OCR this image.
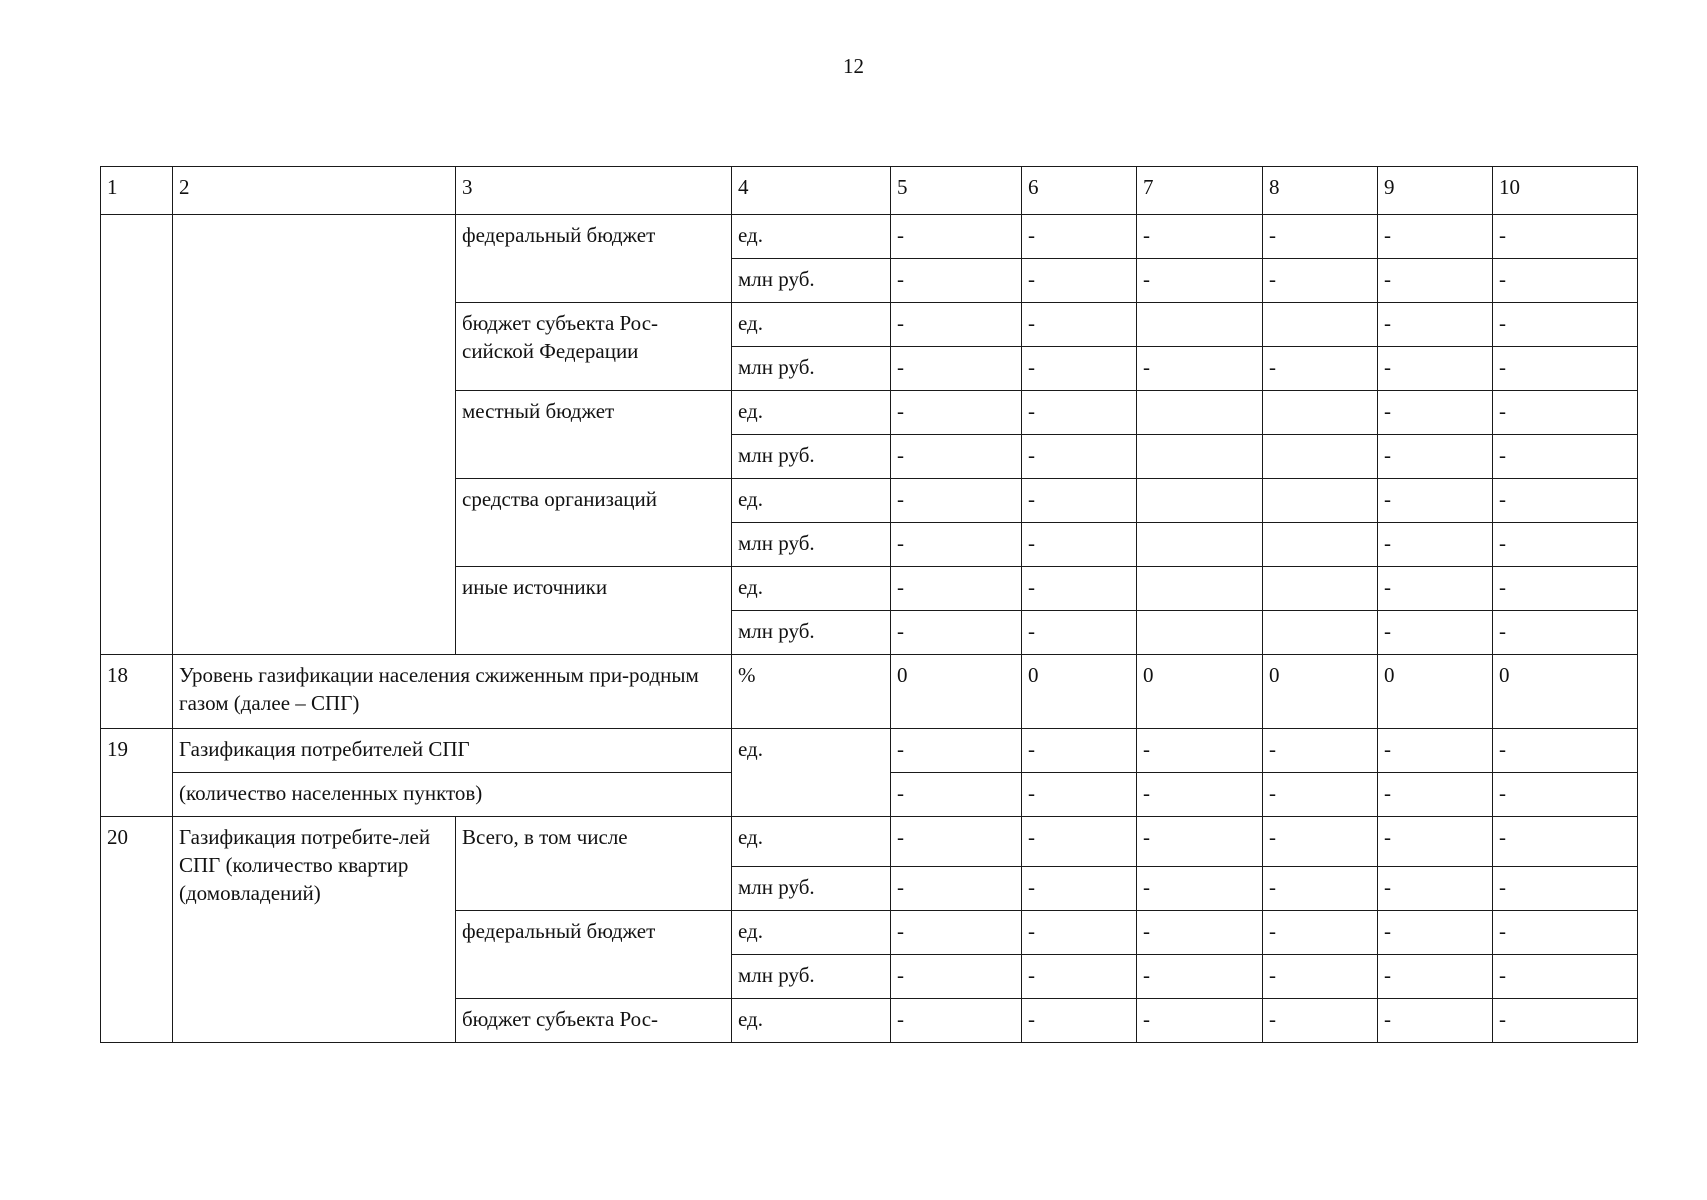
12
1	2	3	4	5	6	7	8	9	10
		федеральный бюджет	ед.	-	-	-	-	-	-
			млн руб.	-	-	-	-	-	-
		бюджет субъекта Рос-сийской Федерации	ед.	-	-			-	-
			млн руб.	-	-	-	-	-	-
		местный бюджет	ед.	-	-			-	-
			млн руб.	-	-			-	-
		средства организаций	ед.	-	-			-	-
			млн руб.	-	-			-	-
		иные источники	ед.	-	-			-	-
			млн руб.	-	-			-	-
18	Уровень газификации населения сжиженным при-родным газом (далее – СПГ)		%	0	0	0	0	0	0
19	Газификация потребителей СПГ		ед.	-	-	-	-	-	-
	(количество населенных пунктов)			-	-	-	-	-	-
20	Газификация потребите-лей СПГ (количество квартир (домовладений)	Всего, в том числе	ед.	-	-	-	-	-	-
			млн руб.	-	-	-	-	-	-
		федеральный бюджет	ед.	-	-	-	-	-	-
			млн руб.	-	-	-	-	-	-
		бюджет субъекта Рос-	ед.	-	-	-	-	-	-
